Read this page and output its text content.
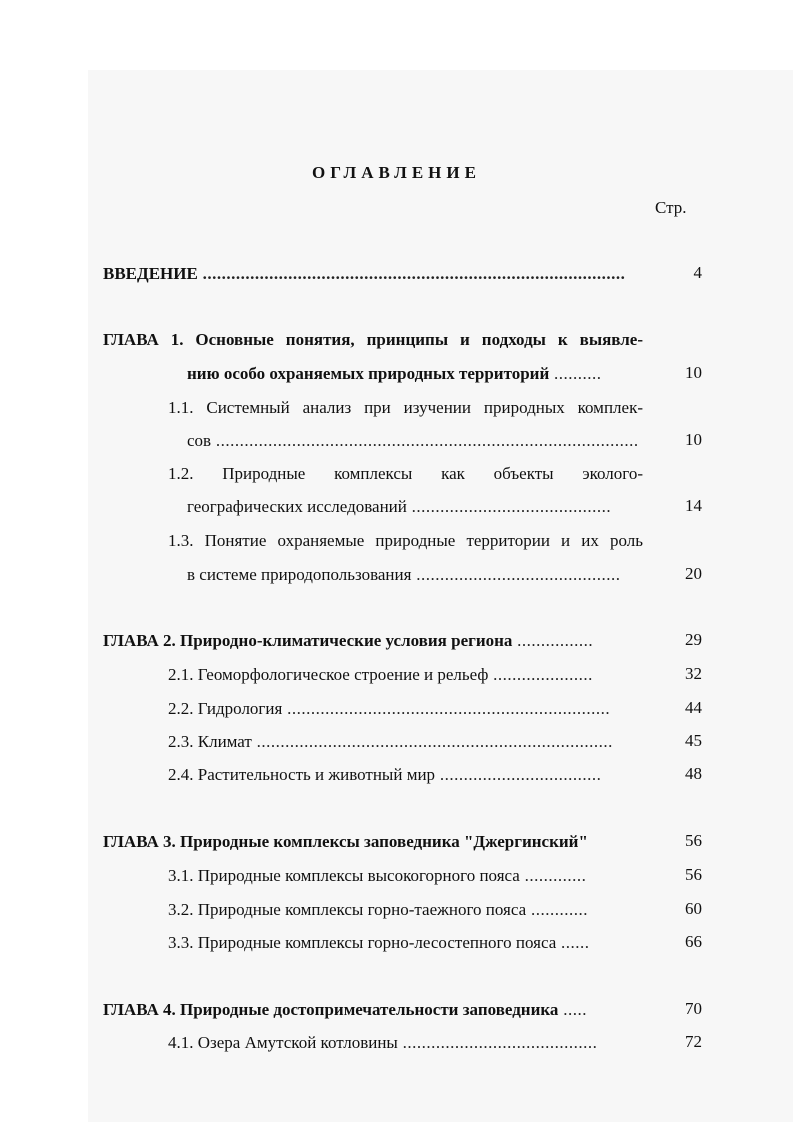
ОГЛАВЛЕНИЕ
Стр.
ВВЕДЕНИЕ .........................................................................................	4
ГЛАВА 1. Основные понятия, принципы и подходы к выявле-
нию особо охраняемых природных территорий ..........	10
1.1. Системный анализ при изучении природных комплек-
сов .........................................................................................	10
1.2. Природные комплексы как объекты эколого-
географических исследований ..........................................	14
1.3. Понятие охраняемые природные территории и их роль
в системе природопользования ...........................................	20
ГЛАВА 2. Природно-климатические условия региона ................	29
2.1. Геоморфологическое строение и рельеф .....................	32
2.2. Гидрология ....................................................................	44
2.3. Климат ...........................................................................	45
2.4. Растительность и животный мир ..................................	48
ГЛАВА 3. Природные комплексы заповедника "Джергинский"	56
3.1. Природные комплексы высокогорного пояса .............	56
3.2. Природные комплексы горно-таежного пояса ............	60
3.3. Природные комплексы горно-лесостепного пояса ......	66
ГЛАВА 4. Природные достопримечательности заповедника .....	70
4.1. Озера Амутской котловины .........................................	72
